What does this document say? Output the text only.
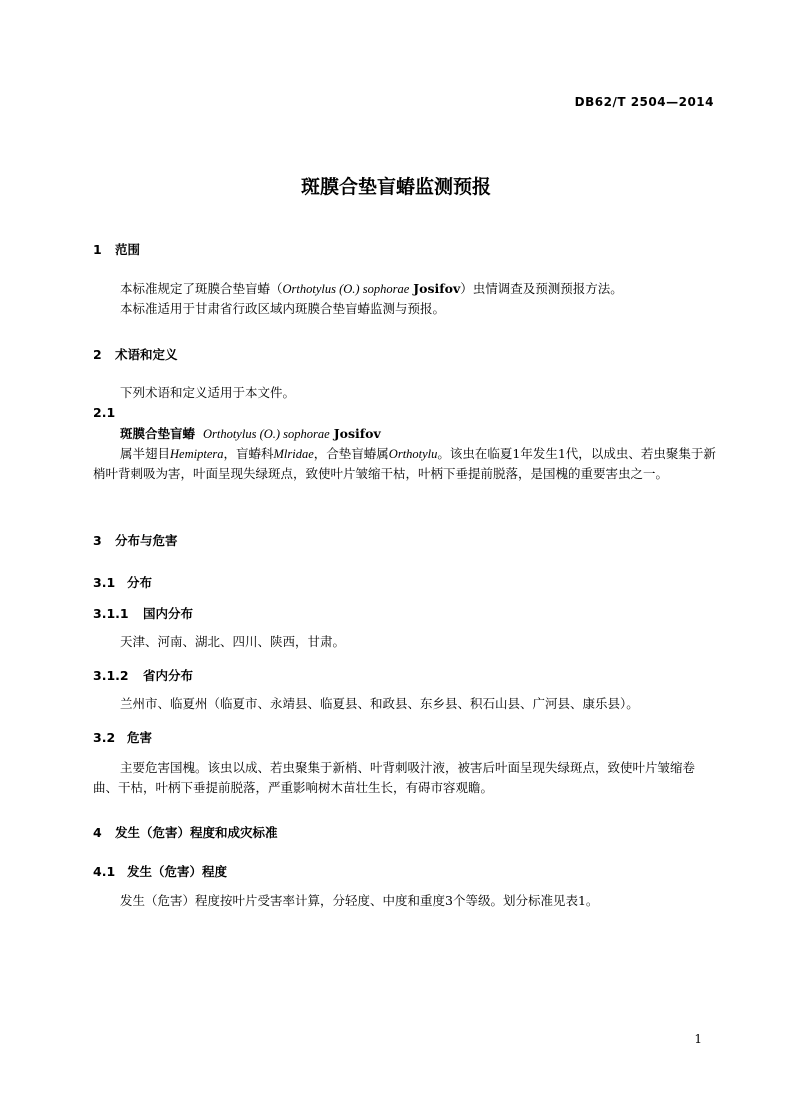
DB62/T 2504—2014
斑膜合垫盲蝽监测预报
1 范围
本标准规定了斑膜合垫盲蝽（Orthotylus (O.) sophorae Josifov）虫情调查及预测预报方法。
本标准适用于甘肃省行政区域内斑膜合垫盲蝽监测与预报。
2 术语和定义
下列术语和定义适用于本文件。
2.1
斑膜合垫盲蝽 Orthotylus (O.) sophorae Josifov
属半翅目Hemiptera，盲蝽科Mlridae，合垫盲蝽属Orthotylu。该虫在临夏1年发生1代，以成虫、若虫聚集于新梢叶背刺吸为害，叶面呈现失绿斑点，致使叶片皱缩干枯，叶柄下垂提前脱落，是国槐的重要害虫之一。
3 分布与危害
3.1 分布
3.1.1 国内分布
天津、河南、湖北、四川、陕西，甘肃。
3.1.2 省内分布
兰州市、临夏州（临夏市、永靖县、临夏县、和政县、东乡县、积石山县、广河县、康乐县）。
3.2 危害
主要危害国槐。该虫以成、若虫聚集于新梢、叶背刺吸汁液，被害后叶面呈现失绿斑点，致使叶片皱缩卷曲、干枯，叶柄下垂提前脱落，严重影响树木苗壮生长，有碍市容观瞻。
4 发生（危害）程度和成灾标准
4.1 发生（危害）程度
发生（危害）程度按叶片受害率计算，分轻度、中度和重度3个等级。划分标准见表1。
1
